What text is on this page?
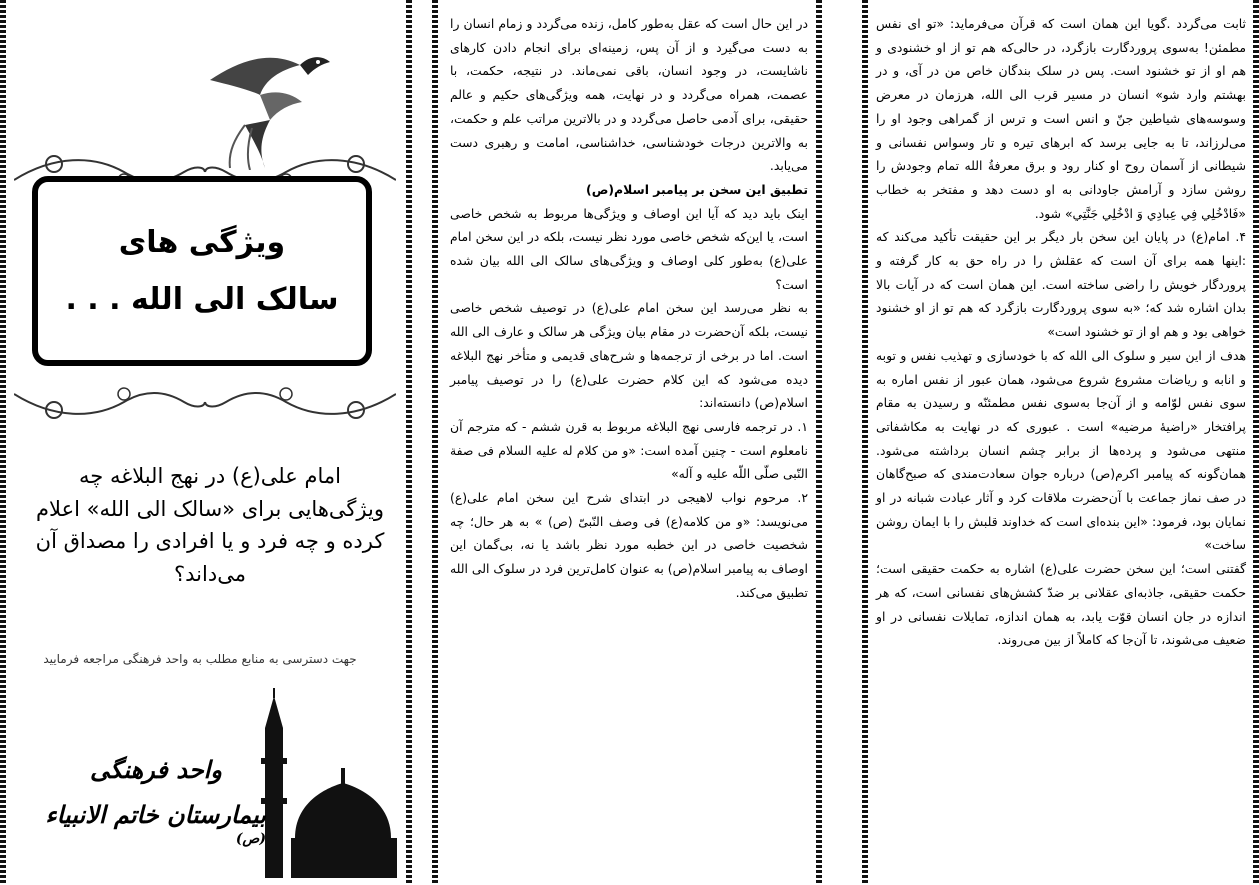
ویژگی های
سالک الی الله . . .
امام علی(ع) در نهج البلاغه چه ویژگی‌هایی برای «سالک الی الله» اعلام کرده و چه فرد و یا افرادی را مصداق آن می‌داند؟
جهت دسترسی به منابع مطلب به واحد فرهنگی مراجعه فرمایید
واحد فرهنگی
بیمارستان خاتم الانبیاء $^{(ص)}$

در این حال است که عقل به‌طور کامل، زنده می‌گردد و زمام انسان را به دست می‌گیرد و از آن پس، زمینه‌ای برای انجام دادن کارهای ناشایست، در وجود انسان، باقی نمی‌ماند. در نتیجه، حکمت، با عصمت، همراه می‌گردد و در نهایت، همه ویژگی‌های حکیم و عالم حقیقی، برای آدمی حاصل می‌گردد و در بالاترین مراتب علم و حکمت، به والاترین درجات خودشناسی، خداشناسی، امامت و رهبری دست می‌یابد.

تطبیق این سخن بر پیامبر اسلام(ص)

اینک باید دید که آیا این اوصاف و ویژگی‌ها مربوط به شخص خاصی است، یا این‌که شخص خاصی مورد نظر نیست، بلکه در این سخن امام علی(ع) به‌طور کلی اوصاف و ویژگی‌های سالک الی الله بیان شده است؟

به نظر می‌رسد این سخن امام علی(ع) در توصیف شخص خاصی نیست، بلکه آن‌حضرت در مقام بیان ویژگی هر سالک و عارف الی الله است. اما در برخی از ترجمه‌ها و شرح‌های قدیمی و متأخر نهج البلاغه دیده می‌شود که این کلام حضرت علی(ع) را در توصیف پیامبر اسلام(ص) دانسته‌اند:

۱. در ترجمه فارسی نهج البلاغه مربوط به قرن ششم - که مترجم آن نامعلوم است - چنین آمده است: «و من کلام له علیه السلام فی صفة النّبی صلّی اللّه علیه و آله»

۲. مرحوم نواب لاهیجی در ابتدای شرح این سخن امام علی(ع) می‌نویسد: «و من کلامه(ع) فی وصف النّبیّ (ص) » به هر حال؛ چه شخصیت خاصی در این خطبه مورد نظر باشد یا نه، بی‌گمان این اوصاف به پیامبر اسلام(ص) به عنوان کامل‌ترین فرد در سلوک الی الله تطبیق می‌کند.

ثابت می‌گردد .گویا این همان است که قرآن می‌فرماید: «تو ای نفس مطمئن! به‌سوی پروردگارت بازگرد، در حالی‌که هم تو از او خشنودی و هم او از تو خشنود است. پس در سلک بندگان خاص من در آی، و در بهشتم وارد شو» انسان در مسیر قرب الی الله، هرزمان در معرض وسوسه‌های شیاطین جنّ و انس است و ترس از گمراهی وجود او را می‌لرزاند، تا به جایی برسد که ابرهای تیره و تار وسواس نفسانی و شیطانی از آسمان روح او کنار رود و برق معرفةُ الله تمام وجودش را روشن سازد و آرامش جاودانی به او دست دهد و مفتخر به خطاب «فَادْخُلِي فِي عِبادِي وَ ادْخُلِي جَنَّتِي» شود.

۴. امام(ع) در پایان این سخن بار دیگر بر این حقیقت تأکید می‌کند که :اینها همه برای آن است که عقلش را در راه حق به کار گرفته و پروردگار خویش را راضی ساخته است. این همان است که در آیات بالا بدان اشاره شد که؛ «به سوی پروردگارت بازگرد که هم تو از او خشنود خواهی بود و هم او از تو خشنود است»

هدف از این سیر و سلوک الی الله که با خودسازی و تهذیب نفس و توبه و انابه و ریاضات مشروع شروع می‌شود، همان عبور از نفس اماره به سوی نفس لوّامه و از آن‌جا به‌سوی نفس مطمئنّه و رسیدن به مقام پرافتخار «راضیهٔ مرضیه» است . عبوری که در نهایت به مکاشفاتی منتهی می‌شود و پرده‌ها از برابر چشم انسان برداشته می‌شود. همان‌گونه که پیامبر اکرم(ص) درباره جوان سعادت‌مندی که صبح‌گاهان در صف نماز جماعت با آن‌حضرت ملاقات کرد و آثار عبادت شبانه در او نمایان بود، فرمود: «این بنده‌ای است که خداوند قلبش را با ایمان روشن ساخت»

گفتنی است؛ این سخن حضرت علی(ع) اشاره به حکمت حقیقی است؛ حکمت حقیقی، جاذبه‌ای عقلانی بر ضدّ کشش‌های نفسانی است، که هر اندازه در جان انسان قوّت یابد، به همان اندازه، تمایلات نفسانی در او ضعیف می‌شوند، تا آن‌جا که کاملاً از بین می‌روند.
